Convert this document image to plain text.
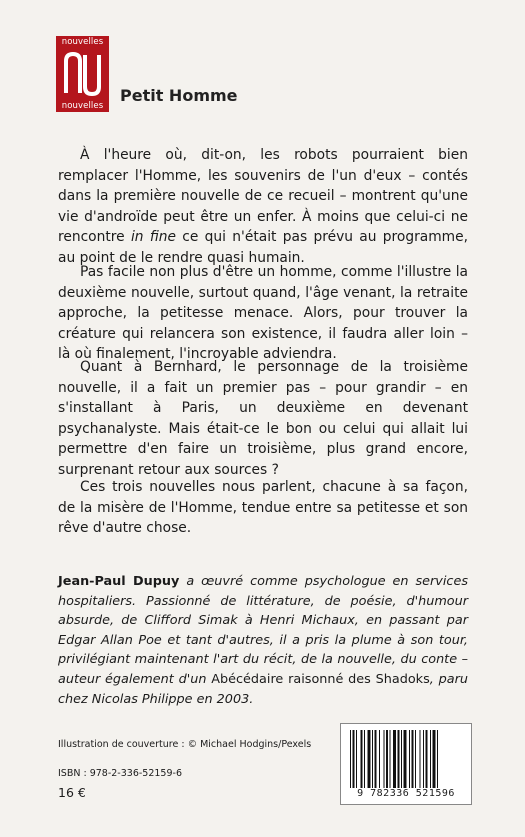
nouvelles
nouvelles
Petit Homme

À l'heure où, dit-on, les robots pourraient bien remplacer l'Homme, les souvenirs de l'un d'eux – contés dans la première nouvelle de ce recueil – montrent qu'une vie d'androïde peut être un enfer. À moins que celui-ci ne rencontre in fine ce qui n'était pas prévu au programme, au point de le rendre quasi humain.

Pas facile non plus d'être un homme, comme l'illustre la deuxième nouvelle, surtout quand, l'âge venant, la retraite approche, la petitesse menace. Alors, pour trouver la créature qui relancera son existence, il faudra aller loin – là où finalement, l'incroyable adviendra.

Quant à Bernhard, le personnage de la troisième nouvelle, il a fait un premier pas – pour grandir – en s'installant à Paris, un deuxième en devenant psychanalyste. Mais était-ce le bon ou celui qui allait lui permettre d'en faire un troisième, plus grand encore, surprenant retour aux sources ?

Ces trois nouvelles nous parlent, chacune à sa façon, de la misère de l'Homme, tendue entre sa petitesse et son rêve d'autre chose.

Jean-Paul Dupuy a œuvré comme psychologue en services hospitaliers. Passionné de littérature, de poésie, d'humour absurde, de Clifford Simak à Henri Michaux, en passant par Edgar Allan Poe et tant d'autres, il a pris la plume à son tour, privilégiant maintenant l'art du récit, de la nouvelle, du conte – auteur également d'un Abécédaire raisonné des Shadoks, paru chez Nicolas Philippe en 2003.
Illustration de couverture : © Michael Hodgins/Pexels
ISBN : 978-2-336-52159-6
16 €	9 782336 521596
